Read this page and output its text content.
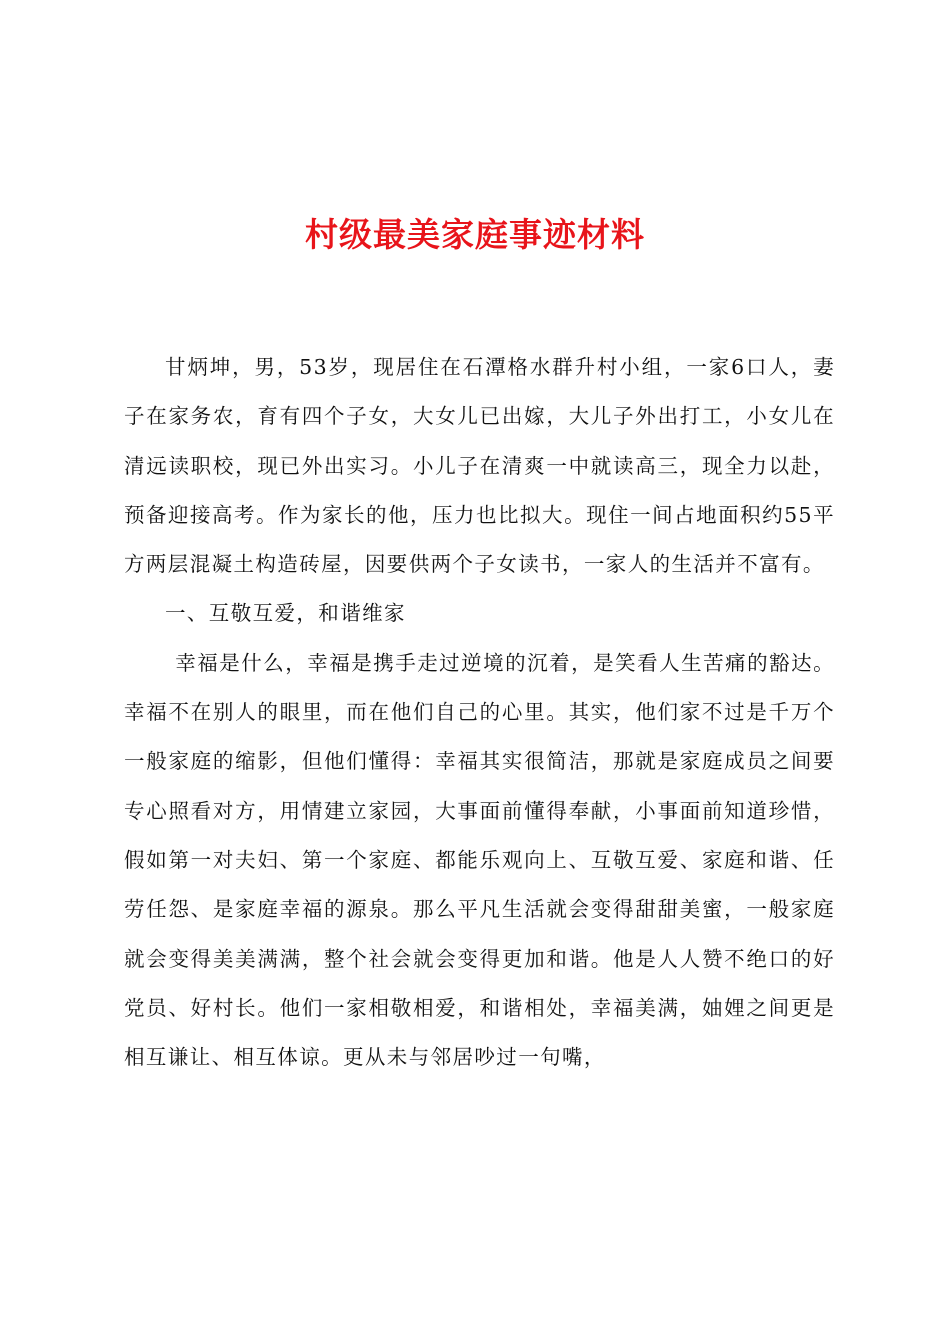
村级最美家庭事迹材料

甘炳坤，男，53岁，现居住在石潭格水群升村小组，一家6口人，妻子在家务农，育有四个子女，大女儿已出嫁，大儿子外出打工，小女儿在清远读职校，现已外出实习。小儿子在清爽一中就读高三，现全力以赴，预备迎接高考。作为家长的他，压力也比拟大。现住一间占地面积约55平方两层混凝土构造砖屋，因要供两个子女读书，一家人的生活并不富有。

一、互敬互爱，和谐维家

幸福是什么，幸福是携手走过逆境的沉着，是笑看人生苦痛的豁达。幸福不在别人的眼里，而在他们自己的心里。其实，他们家不过是千万个一般家庭的缩影，但他们懂得：幸福其实很简洁，那就是家庭成员之间要专心照看对方，用情建立家园，大事面前懂得奉献，小事面前知道珍惜，假如第一对夫妇、第一个家庭、都能乐观向上、互敬互爱、家庭和谐、任劳任怨、是家庭幸福的源泉。那么平凡生活就会变得甜甜美蜜，一般家庭就会变得美美满满，整个社会就会变得更加和谐。他是人人赞不绝口的好党员、好村长。他们一家相敬相爱，和谐相处，幸福美满，妯娌之间更是相互谦让、相互体谅。更从未与邻居吵过一句嘴，
